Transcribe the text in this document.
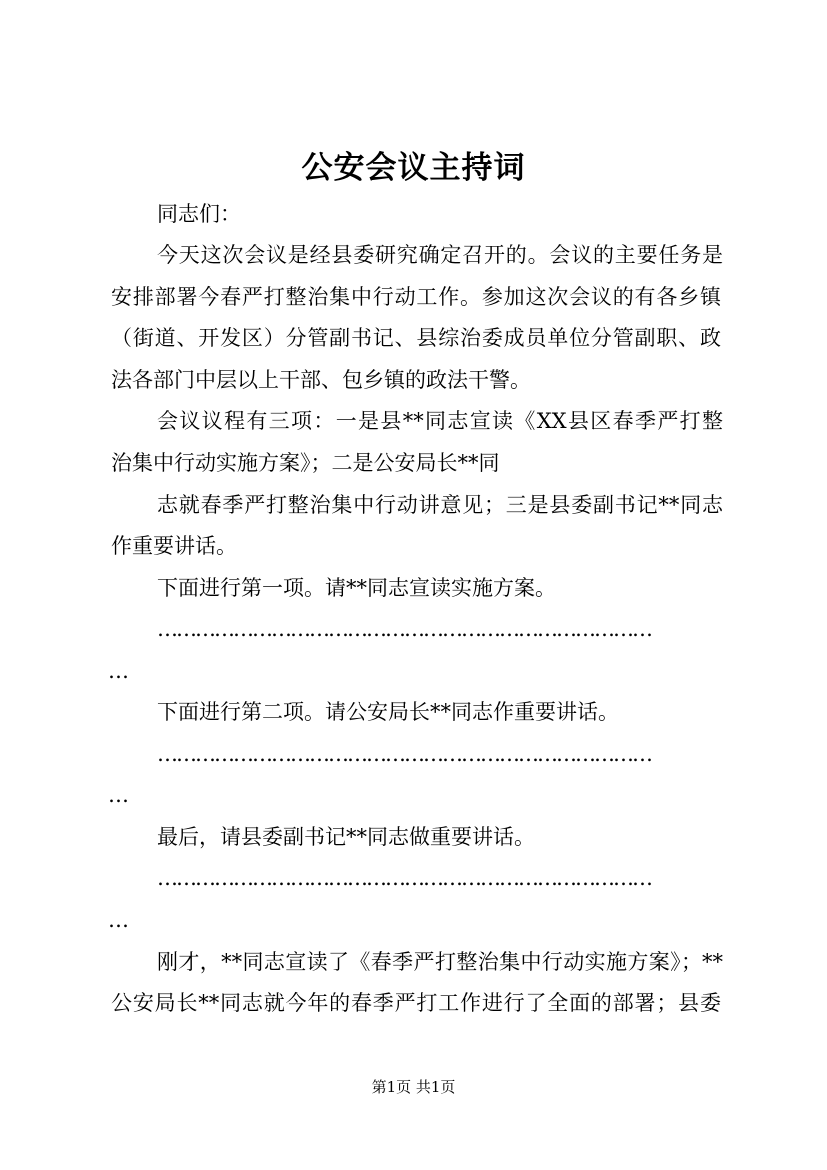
公安会议主持词
同志们：
今天这次会议是经县委研究确定召开的。会议的主要任务是
安排部署今春严打整治集中行动工作。参加这次会议的有各乡镇
（街道、开发区）分管副书记、县综治委成员单位分管副职、政
法各部门中层以上干部、包乡镇的政法干警。
会议议程有三项：一是县**同志宣读《XX县区春季严打整
治集中行动实施方案》；二是公安局长**同
志就春季严打整治集中行动讲意见；三是县委副书记**同志
作重要讲话。
下面进行第一项。请**同志宣读实施方案。
……………………………………………………………………
…
下面进行第二项。请公安局长**同志作重要讲话。
……………………………………………………………………
…
最后，请县委副书记**同志做重要讲话。
……………………………………………………………………
…
刚才，**同志宣读了《春季严打整治集中行动实施方案》；**
公安局长**同志就今年的春季严打工作进行了全面的部署；县委
第1页 共1页
